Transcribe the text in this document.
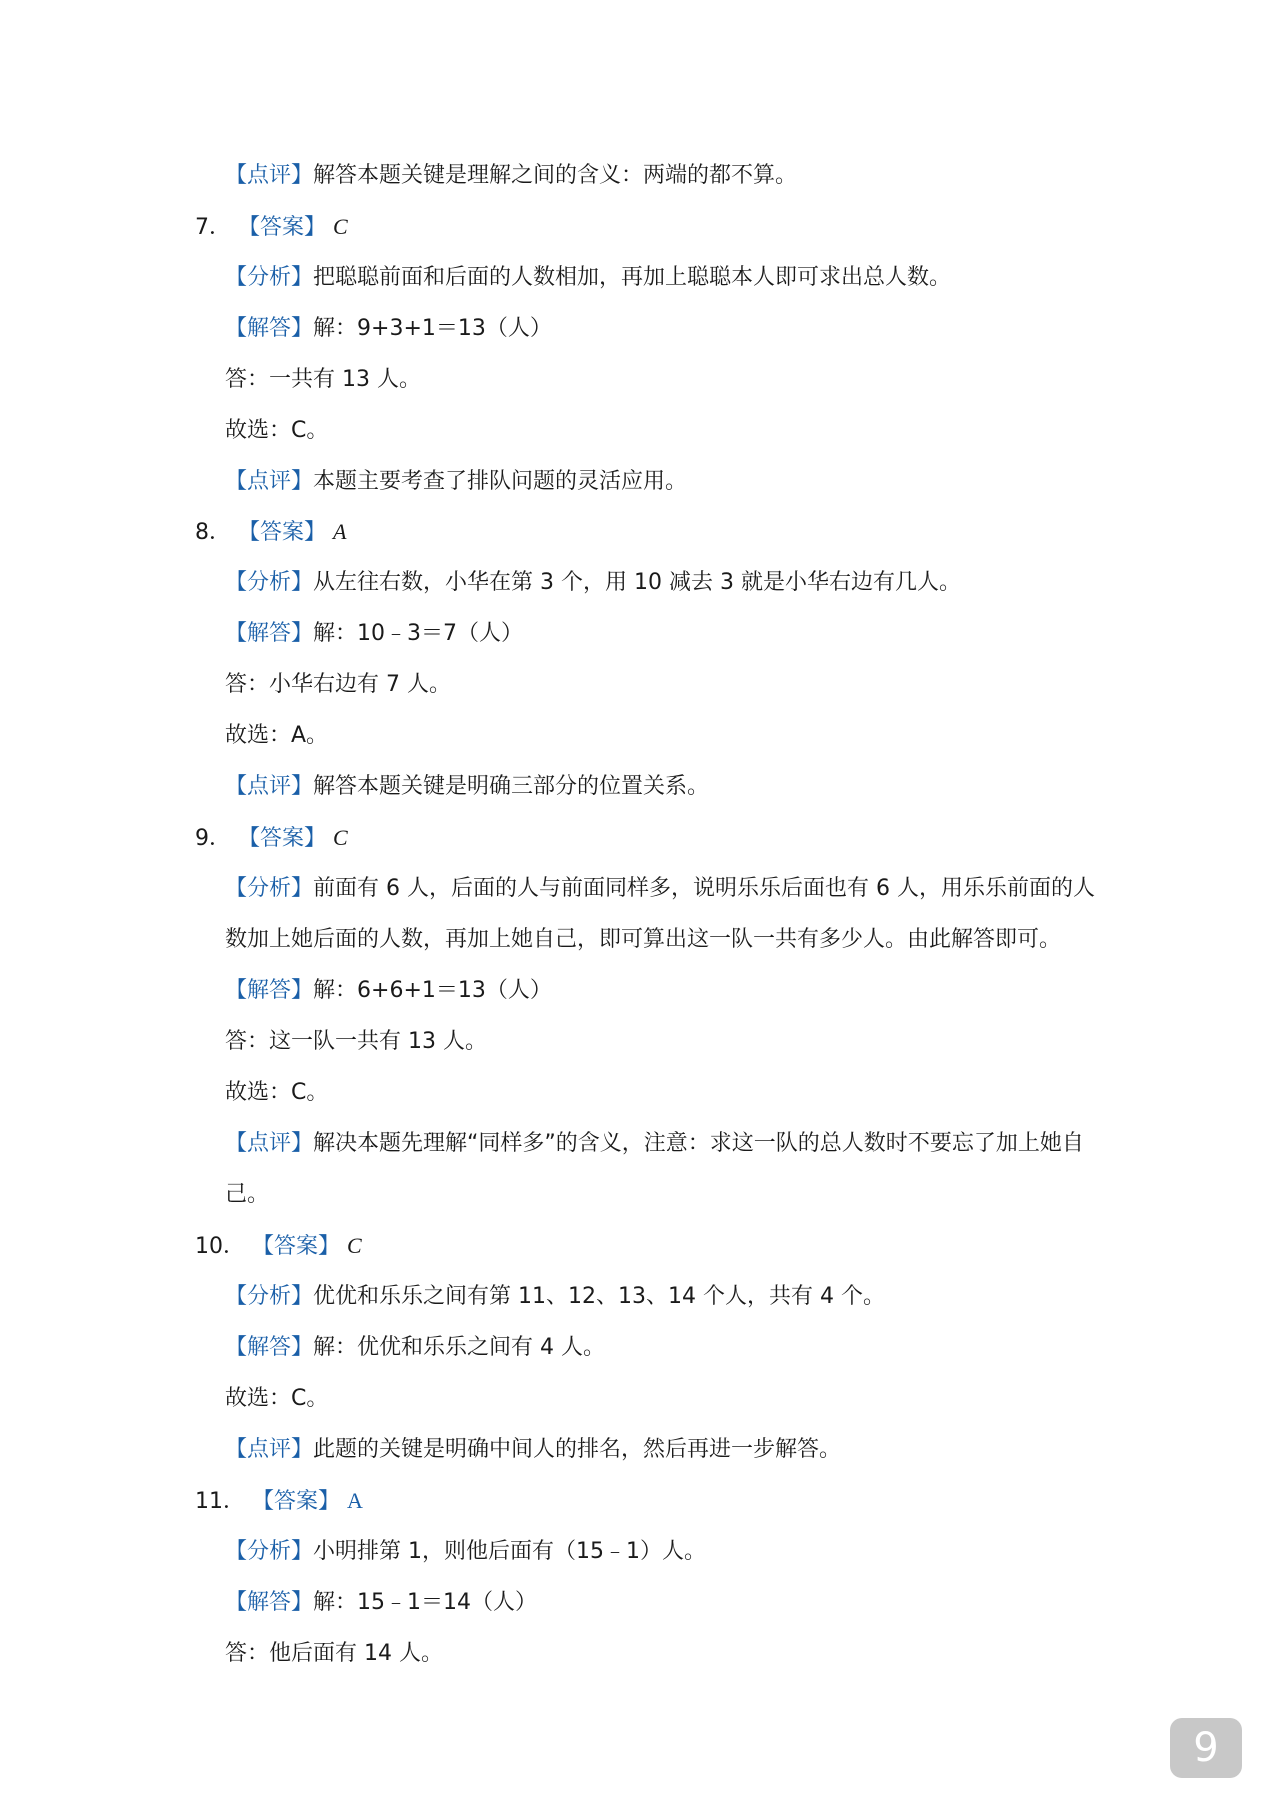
【点评】解答本题关键是理解之间的含义：两端的都不算。
7． 【答案】 C
【分析】把聪聪前面和后面的人数相加，再加上聪聪本人即可求出总人数。
【解答】解：9+3+1＝13（人）
答：一共有 13 人。
故选：C。
【点评】本题主要考查了排队问题的灵活应用。
8． 【答案】 A
【分析】从左往右数，小华在第 3 个，用 10 减去 3 就是小华右边有几人。
【解答】解：10﹣3＝7（人）
答：小华右边有 7 人。
故选：A。
【点评】解答本题关键是明确三部分的位置关系。
9． 【答案】 C
【分析】前面有 6 人，后面的人与前面同样多，说明乐乐后面也有 6 人，用乐乐前面的人
数加上她后面的人数，再加上她自己，即可算出这一队一共有多少人。由此解答即可。
【解答】解：6+6+1＝13（人）
答：这一队一共有 13 人。
故选：C。
【点评】解决本题先理解“同样多”的含义，注意：求这一队的总人数时不要忘了加上她自
己。
10． 【答案】 C
【分析】优优和乐乐之间有第 11、12、13、14 个人，共有 4 个。
【解答】解：优优和乐乐之间有 4 人。
故选：C。
【点评】此题的关键是明确中间人的排名，然后再进一步解答。
11． 【答案】 A
【分析】小明排第 1，则他后面有（15﹣1）人。
【解答】解：15﹣1＝14（人）
答：他后面有 14 人。
9
